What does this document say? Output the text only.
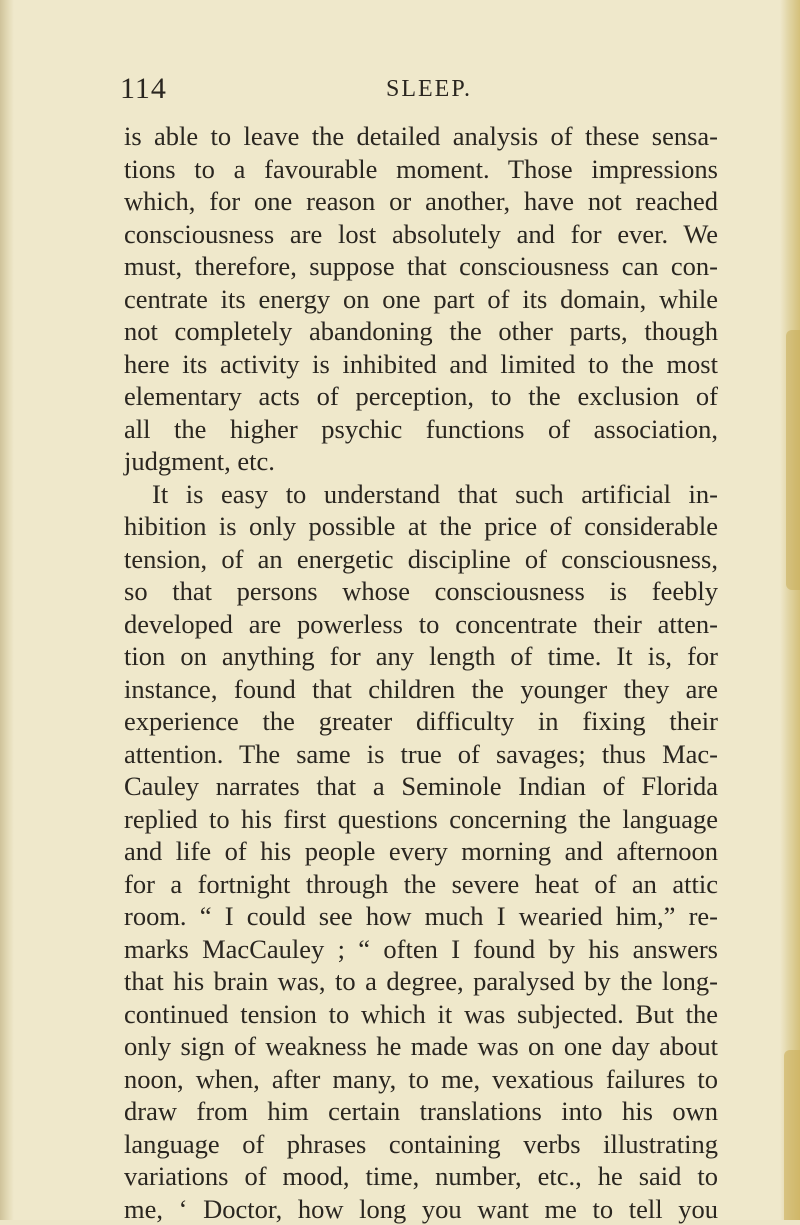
114	SLEEP.
is able to leave the detailed analysis of these sensa-
tions to a favourable moment. Those impressions
which, for one reason or another, have not reached
consciousness are lost absolutely and for ever. We
must, therefore, suppose that consciousness can con-
centrate its energy on one part of its domain, while
not completely abandoning the other parts, though
here its activity is inhibited and limited to the most
elementary acts of perception, to the exclusion of
all the higher psychic functions of association,
judgment, etc.
It is easy to understand that such artificial in-
hibition is only possible at the price of considerable
tension, of an energetic discipline of consciousness,
so that persons whose consciousness is feebly
developed are powerless to concentrate their atten-
tion on anything for any length of time. It is, for
instance, found that children the younger they are
experience the greater difficulty in fixing their
attention. The same is true of savages; thus Mac-
Cauley narrates that a Seminole Indian of Florida
replied to his first questions concerning the language
and life of his people every morning and afternoon
for a fortnight through the severe heat of an attic
room. “ I could see how much I wearied him,” re-
marks MacCauley ; “ often I found by his answers
that his brain was, to a degree, paralysed by the long-
continued tension to which it was subjected. But the
only sign of weakness he made was on one day about
noon, when, after many, to me, vexatious failures to
draw from him certain translations into his own
language of phrases containing verbs illustrating
variations of mood, time, number, etc., he said to
me, ‘ Doctor, how long you want me to tell you
